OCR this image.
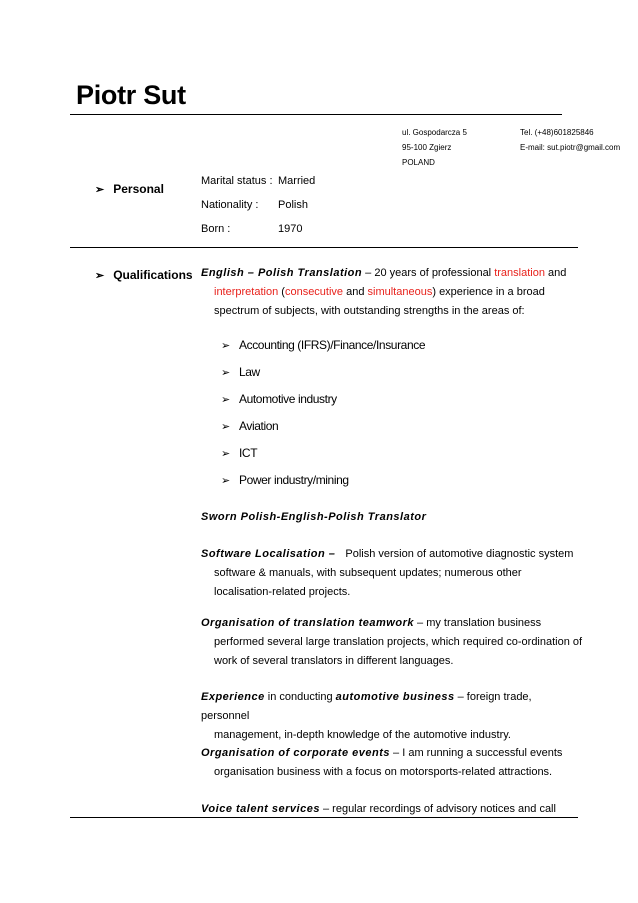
Piotr Sut
ul. Gospodarcza 5
95-100 Zgierz
POLAND
Tel. (+48)601825846
E-mail: sut.piotr@gmail.com
➢ Personal
Marital status : Married
Nationality : Polish
Born :	1970
➢ Qualifications English – Polish Translation – 20 years of professional translation and
interpretation (consecutive and simultaneous) experience in a broad
spectrum of subjects, with outstanding strengths in the areas of:
➢ Accounting (IFRS)/Finance/Insurance
➢ Law
➢ Automotive industry
➢ Aviation
➢ ICT
➢ Power industry/mining
Sworn Polish-English-Polish Translator
Software Localisation – Polish version of automotive diagnostic system
software & manuals, with subsequent updates; numerous other
localisation-related projects.
Organisation of translation teamwork – my translation business
performed several large translation projects, which required co-ordination of
work of several translators in different languages.
Experience in conducting automotive business – foreign trade, personnel
management, in-depth knowledge of the automotive industry.
Organisation of corporate events – I am running a successful events
organisation business with a focus on motorsports-related attractions.
Voice talent services – regular recordings of advisory notices and call
